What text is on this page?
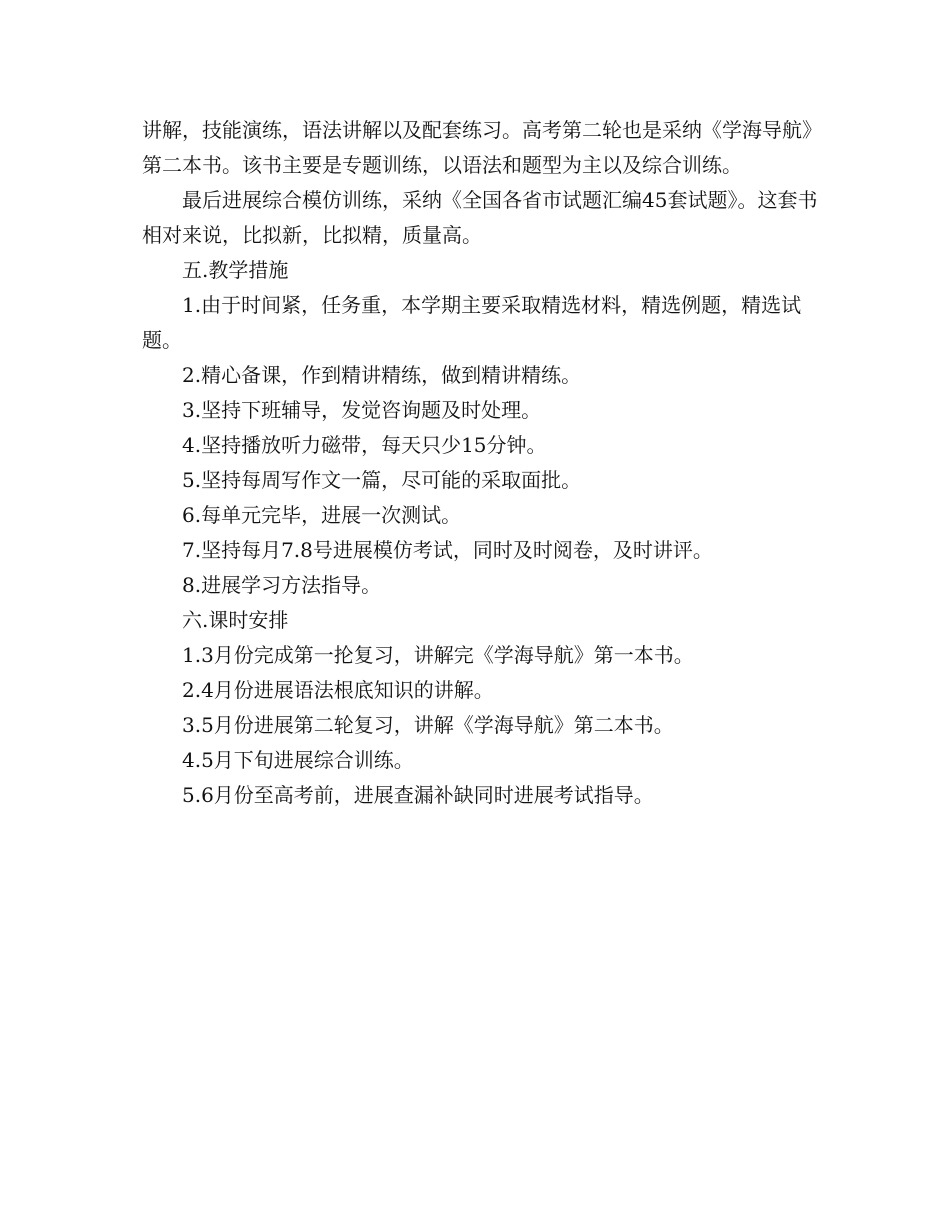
讲解，技能演练，语法讲解以及配套练习。高考第二轮也是采纳《学海导航》第二本书。该书主要是专题训练，以语法和题型为主以及综合训练。

最后进展综合模仿训练，采纳《全国各省市试题汇编45套试题》。这套书相对来说，比拟新，比拟精，质量高。

五.教学措施

1.由于时间紧，任务重，本学期主要采取精选材料，精选例题，精选试题。

2.精心备课，作到精讲精练，做到精讲精练。

3.坚持下班辅导，发觉咨询题及时处理。

4.坚持播放听力磁带，每天只少15分钟。

5.坚持每周写作文一篇，尽可能的采取面批。

6.每单元完毕，进展一次测试。

7.坚持每月7.8号进展模仿考试，同时及时阅卷，及时讲评。

8.进展学习方法指导。

六.课时安排

1.3月份完成第一抡复习，讲解完《学海导航》第一本书。

2.4月份进展语法根底知识的讲解。

3.5月份进展第二轮复习，讲解《学海导航》第二本书。

4.5月下旬进展综合训练。

5.6月份至高考前，进展查漏补缺同时进展考试指导。
